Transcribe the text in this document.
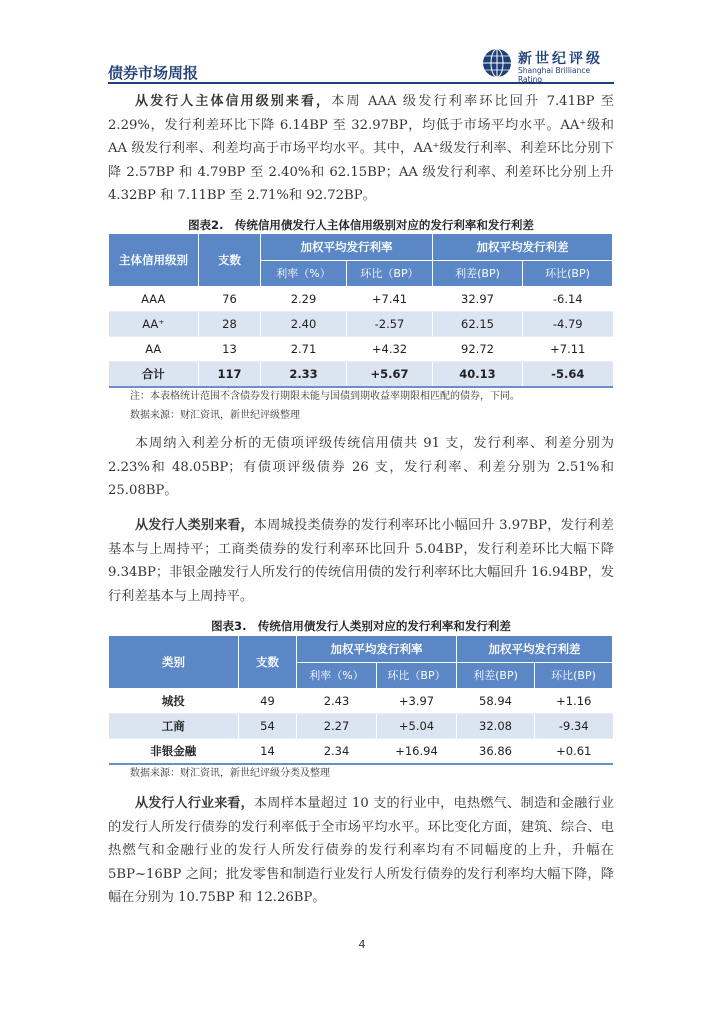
债券市场周报
新世纪评级
Shanghai Brilliance Rating

从发行人主体信用级别来看，本周 AAA 级发行利率环比回升 7.41BP 至 2.29%，发行利差环比下降 6.14BP 至 32.97BP，均低于市场平均水平。AA⁺级和 AA 级发行利率、利差均高于市场平均水平。其中，AA⁺级发行利率、利差环比分别下降 2.57BP 和 4.79BP 至 2.40%和 62.15BP；AA 级发行利率、利差环比分别上升 4.32BP 和 7.11BP 至 2.71%和 92.72BP。

图表2.　传统信用债发行人主体信用级别对应的发行利率和发行利差
主体信用级别	支数	加权平均发行利率		加权平均发行利差	
		利率（%）	环比（BP）	利差(BP)	环比(BP)
AAA	76	2.29	+7.41	32.97	-6.14
AA⁺	28	2.40	-2.57	62.15	-4.79
AA	13	2.71	+4.32	92.72	+7.11
合计	117	2.33	+5.67	40.13	-5.64
注：本表格统计范围不含债券发行期限未能与国债到期收益率期限相匹配的债券，下同。
数据来源：财汇资讯，新世纪评级整理

本周纳入利差分析的无债项评级传统信用债共 91 支，发行利率、利差分别为 2.23%和 48.05BP；有债项评级债券 26 支，发行利率、利差分别为 2.51%和 25.08BP。

从发行人类别来看，本周城投类债券的发行利率环比小幅回升 3.97BP，发行利差基本与上周持平；工商类债券的发行利率环比回升 5.04BP，发行利差环比大幅下降 9.34BP；非银金融发行人所发行的传统信用债的发行利率环比大幅回升 16.94BP，发行利差基本与上周持平。

图表3.　传统信用债发行人类别对应的发行利率和发行利差
类别	支数	加权平均发行利率		加权平均发行利差	
		利率（%）	环比（BP）	利差(BP)	环比(BP)
城投	49	2.43	+3.97	58.94	+1.16
工商	54	2.27	+5.04	32.08	-9.34
非银金融	14	2.34	+16.94	36.86	+0.61
数据来源：财汇资讯，新世纪评级分类及整理

从发行人行业来看，本周样本量超过 10 支的行业中，电热燃气、制造和金融行业的发行人所发行债券的发行利率低于全市场平均水平。环比变化方面，建筑、综合、电热燃气和金融行业的发行人所发行债券的发行利率均有不同幅度的上升，升幅在 5BP~16BP 之间；批发零售和制造行业发行人所发行债券的发行利率均大幅下降，降幅在分别为 10.75BP 和 12.26BP。

4
